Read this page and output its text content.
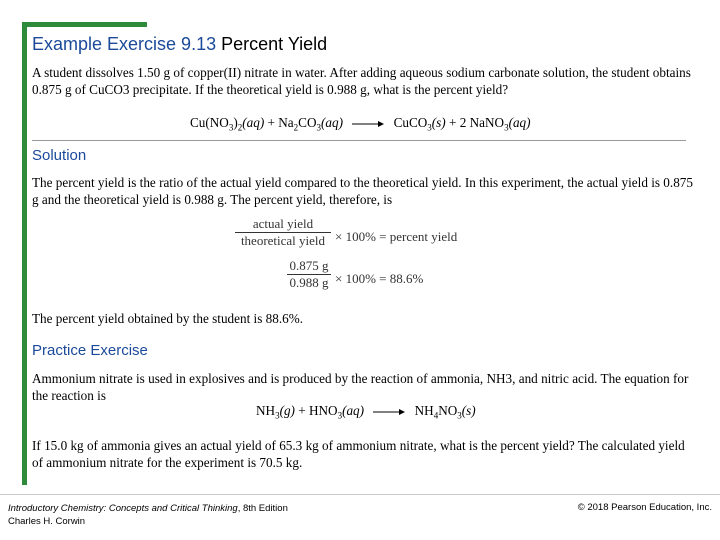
Example Exercise 9.13 Percent Yield
A student dissolves 1.50 g of copper(II) nitrate in water. After adding aqueous sodium carbonate solution, the student obtains 0.875 g of CuCO3 precipitate. If the theoretical yield is 0.988 g, what is the percent yield?
$Cu(NO_3)_2(aq) + Na_2CO_3(aq)$ → CuCO$_3$(s) + 2 NaNO$_3$(aq)
Solution
The percent yield is the ratio of the actual yield compared to the theoretical yield. In this experiment, the actual yield is 0.875 g and the theoretical yield is 0.988 g. The percent yield, therefore, is
actual yield
theoretical yield × 100% = percent yield
$\frac{0.875 g}{0.988 g} \times 100\% = 88.6\%$
The percent yield obtained by the student is 88.6%.
Practice Exercise
Ammonium nitrate is used in explosives and is produced by the reaction of ammonia, NH3, and nitric acid. The equation for the reaction is
$NH_3(g) + HNO_3(aq) \to NH_4NO_3(s)$
If 15.0 kg of ammonia gives an actual yield of 65.3 kg of ammonium nitrate, what is the percent yield? The calculated yield of ammonium nitrate for the experiment is 70.5 kg.
Introductory Chemistry: Concepts and Critical Thinking, 8th Edition
Charles H. Corwin
© 2018 Pearson Education, Inc.
